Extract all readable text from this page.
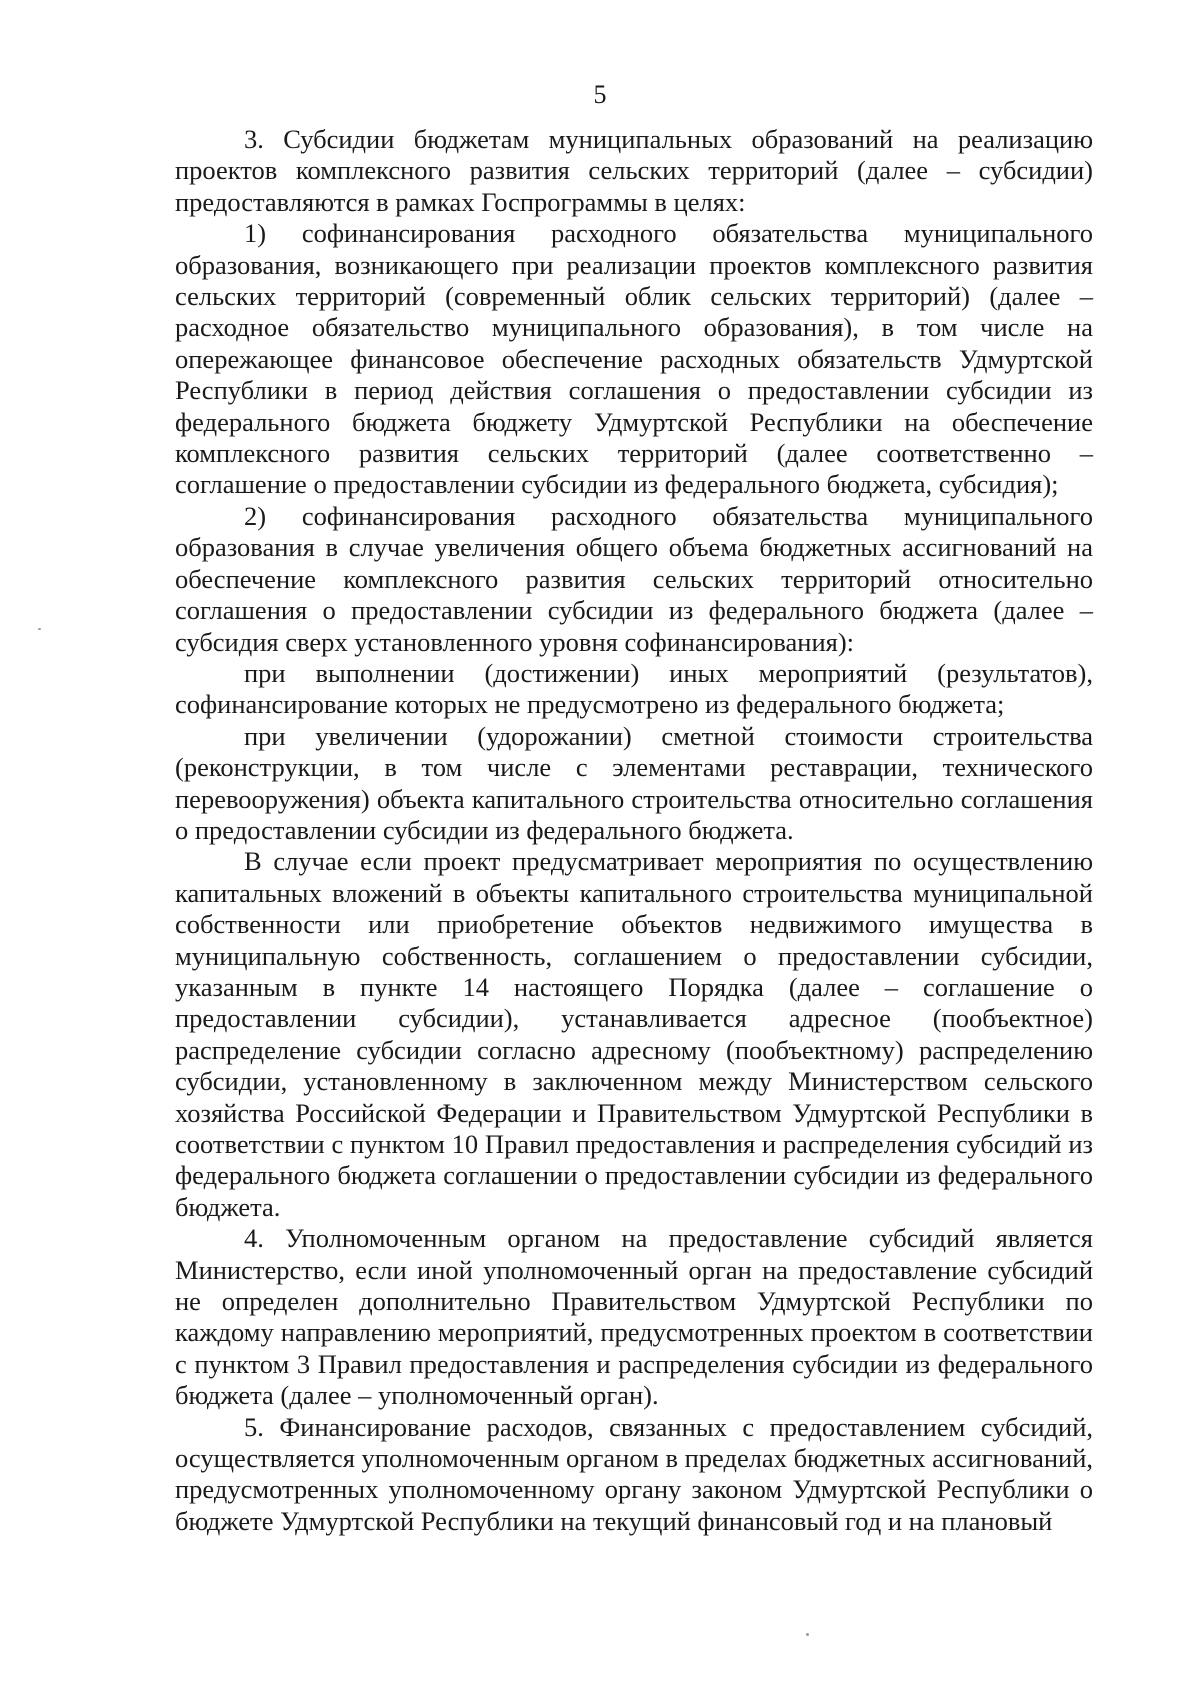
5

3. Субсидии бюджетам муниципальных образований на реализацию проектов комплексного развития сельских территорий (далее – субсидии) предоставляются в рамках Госпрограммы в целях:

1) софинансирования расходного обязательства муниципального образования, возникающего при реализации проектов комплексного развития сельских территорий (современный облик сельских территорий) (далее – расходное обязательство муниципального образования), в том числе на опережающее финансовое обеспечение расходных обязательств Удмуртской Республики в период действия соглашения о предоставлении субсидии из федерального бюджета бюджету Удмуртской Республики на обеспечение комплексного развития сельских территорий (далее соответственно – соглашение о предоставлении субсидии из федерального бюджета, субсидия);

2) софинансирования расходного обязательства муниципального образования в случае увеличения общего объема бюджетных ассигнований на обеспечение комплексного развития сельских территорий относительно соглашения о предоставлении субсидии из федерального бюджета (далее – субсидия сверх установленного уровня софинансирования):

при выполнении (достижении) иных мероприятий (результатов), софинансирование которых не предусмотрено из федерального бюджета;

при увеличении (удорожании) сметной стоимости строительства (реконструкции, в том числе с элементами реставрации, технического перевооружения) объекта капитального строительства относительно соглашения о предоставлении субсидии из федерального бюджета.

В случае если проект предусматривает мероприятия по осуществлению капитальных вложений в объекты капитального строительства муниципальной собственности или приобретение объектов недвижимого имущества в муниципальную собственность, соглашением о предоставлении субсидии, указанным в пункте 14 настоящего Порядка (далее – соглашение о предоставлении субсидии), устанавливается адресное (пообъектное) распределение субсидии согласно адресному (пообъектному) распределению субсидии, установленному в заключенном между Министерством сельского хозяйства Российской Федерации и Правительством Удмуртской Республики в соответствии с пунктом 10 Правил предоставления и распределения субсидий из федерального бюджета соглашении о предоставлении субсидии из федерального бюджета.

4. Уполномоченным органом на предоставление субсидий является Министерство, если иной уполномоченный орган на предоставление субсидий не определен дополнительно Правительством Удмуртской Республики по каждому направлению мероприятий, предусмотренных проектом в соответствии с пунктом 3 Правил предоставления и распределения субсидии из федерального бюджета (далее – уполномоченный орган).

5. Финансирование расходов, связанных с предоставлением субсидий, осуществляется уполномоченным органом в пределах бюджетных ассигнований, предусмотренных уполномоченному органу законом Удмуртской Республики о бюджете Удмуртской Республики на текущий финансовый год и на плановый
